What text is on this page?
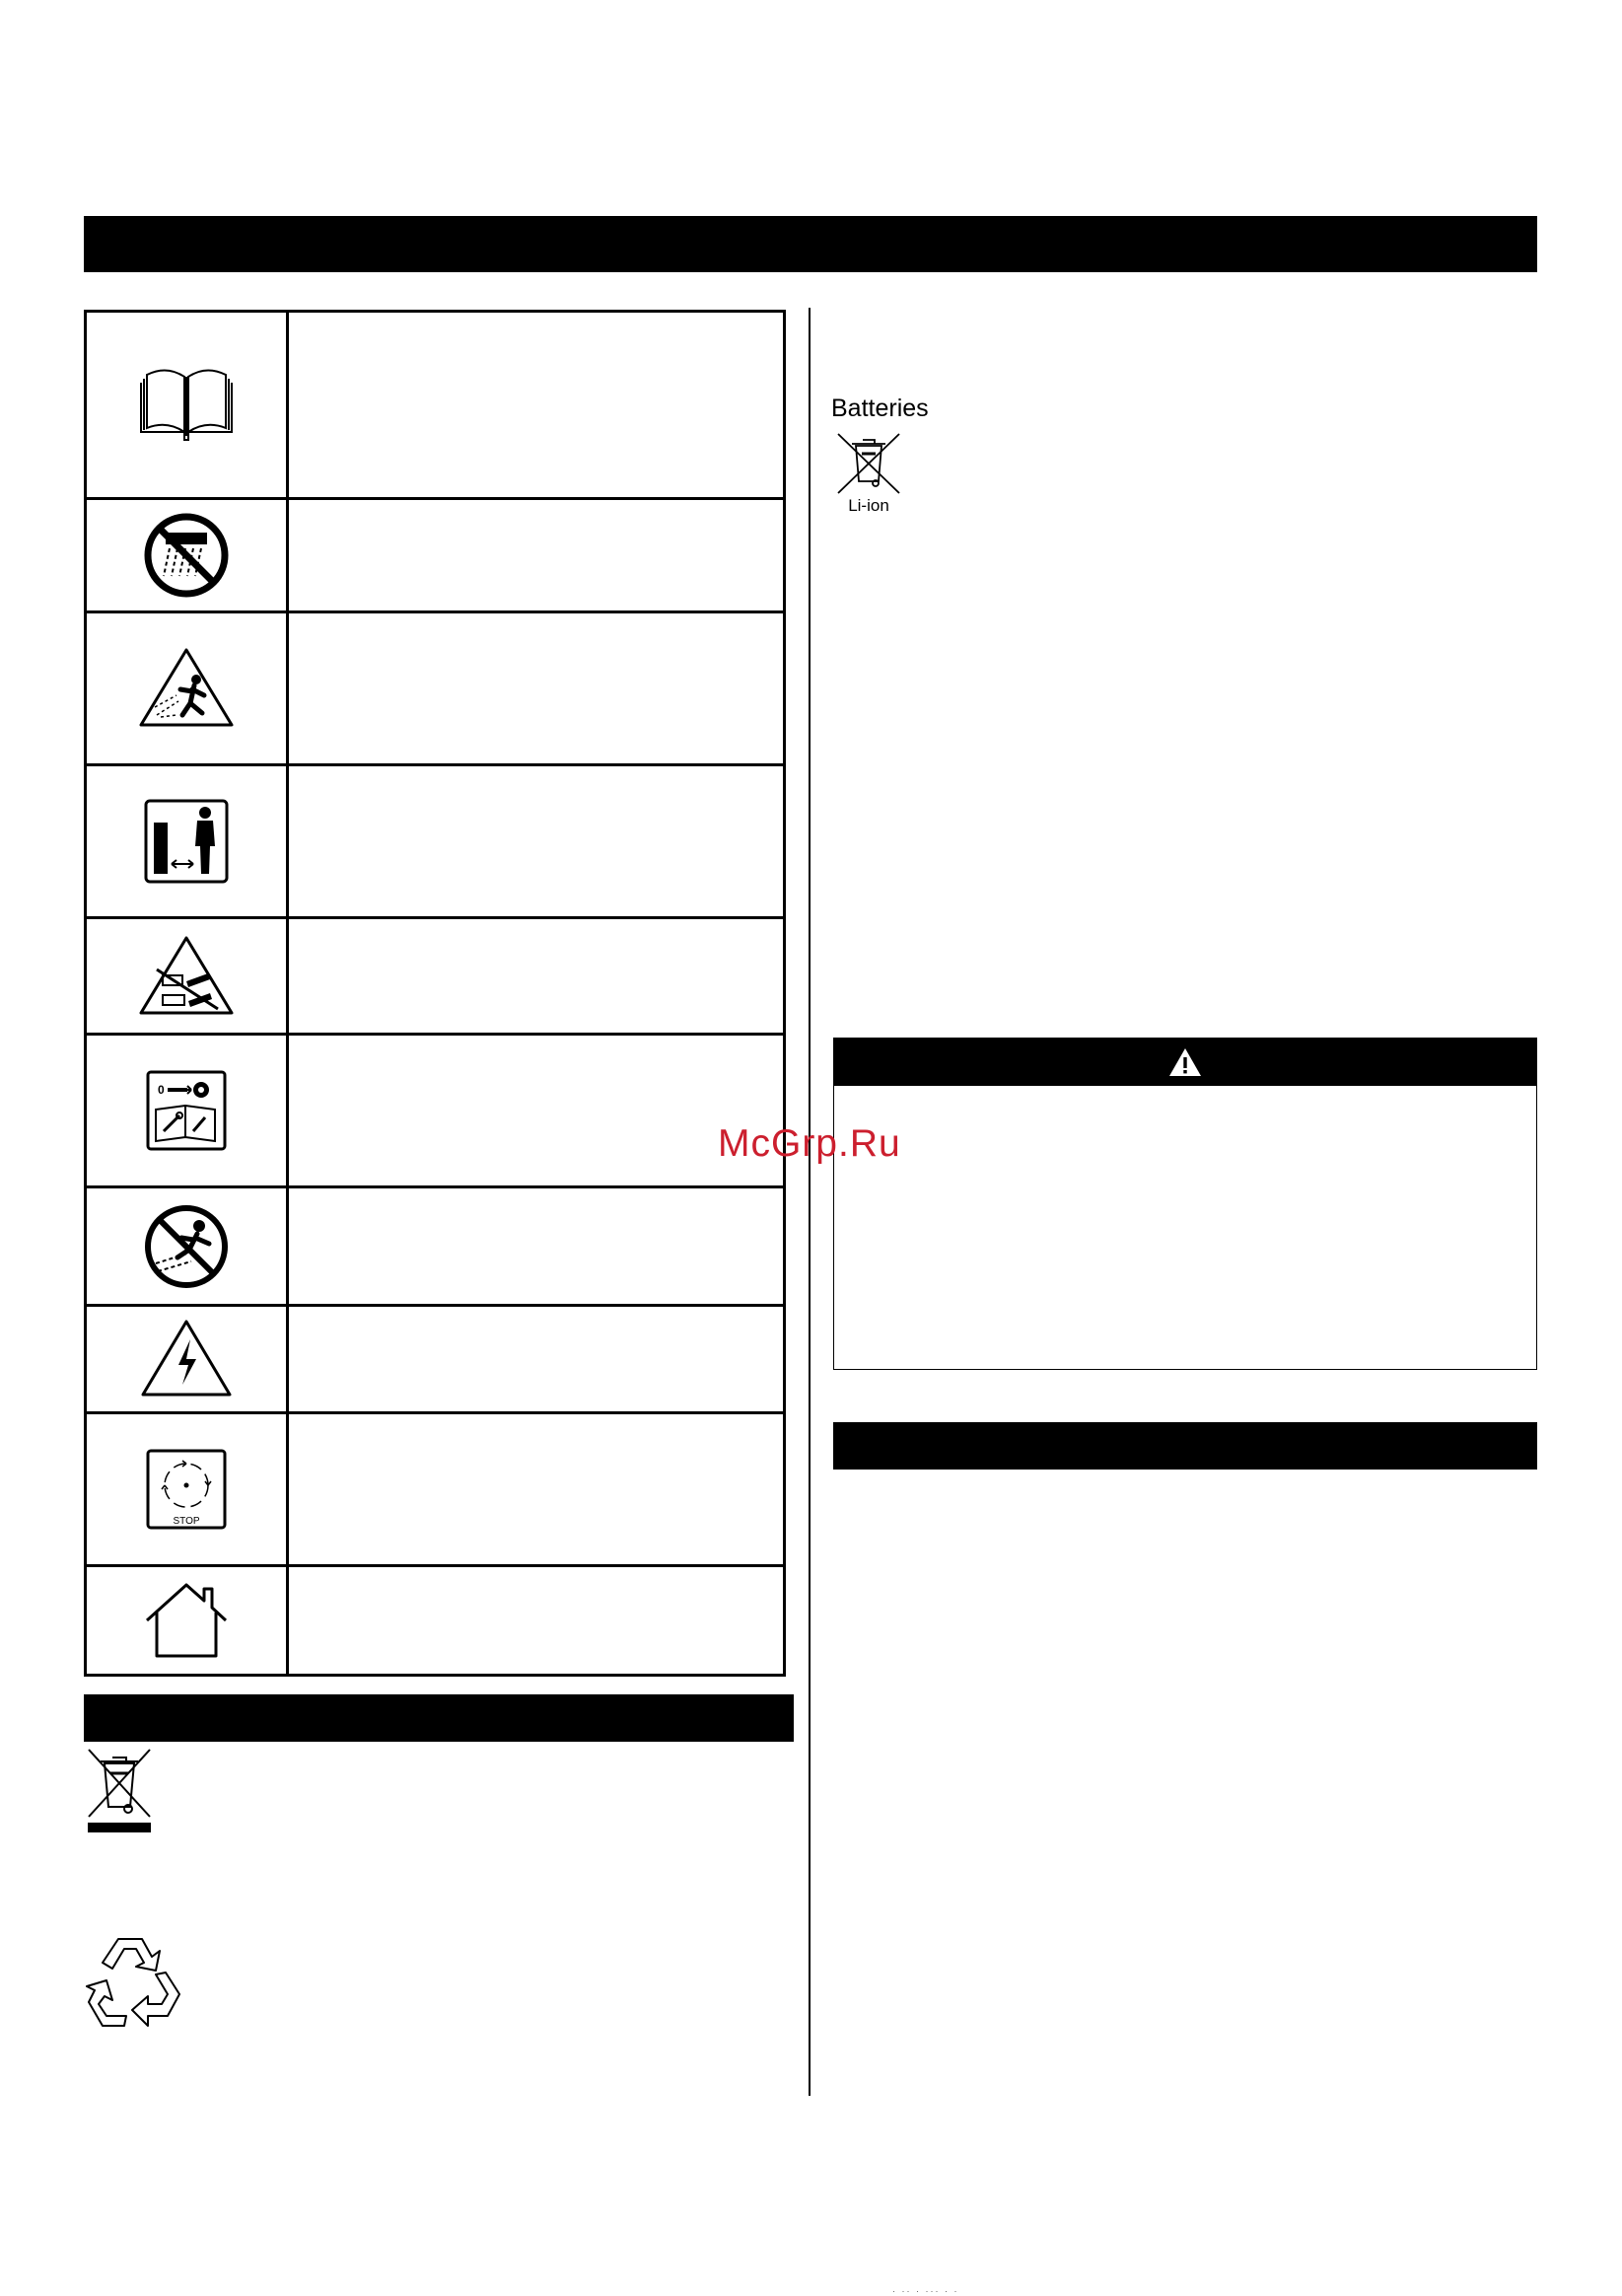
0
STOP
Batteries
Li-ion
McGrp.Ru
· ·· · ··· · ·
